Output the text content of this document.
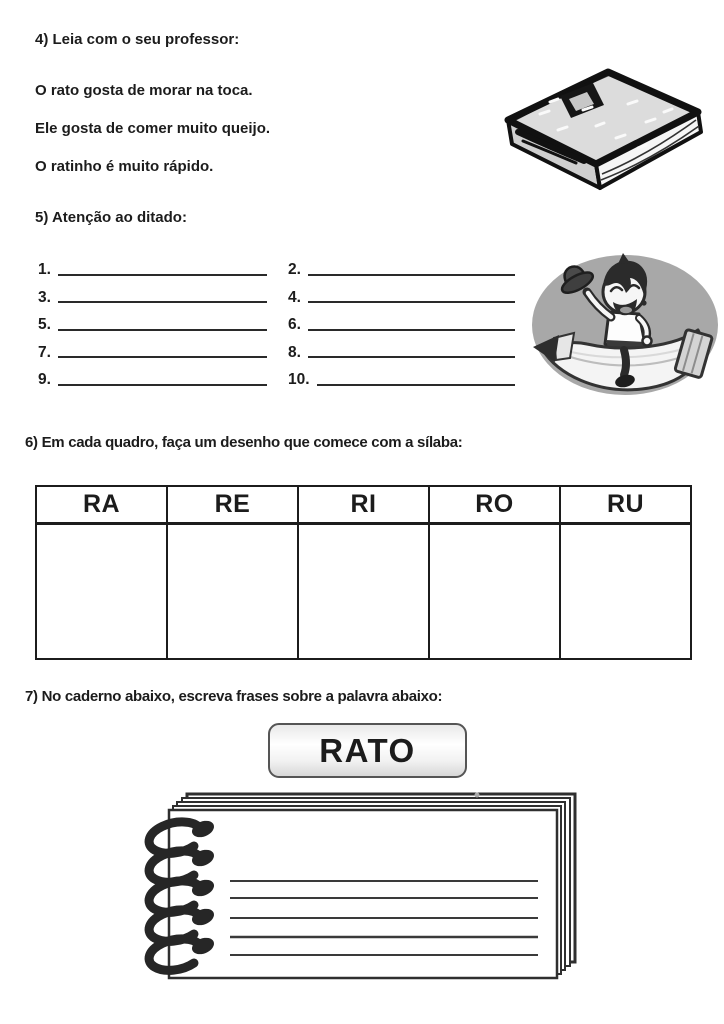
4) Leia com o seu professor:
O rato gosta de morar na toca.
Ele gosta de comer muito queijo.
O ratinho é muito rápido.
5) Atenção ao ditado:
1.	2.
3.	4.
5.	6.
7.	8.
9.	10.
6) Em cada quadro, faça um desenho que comece com a sílaba:
RA	RE	RI	RO	RU

7) No caderno abaixo, escreva frases sobre a palavra abaixo:
RATO
